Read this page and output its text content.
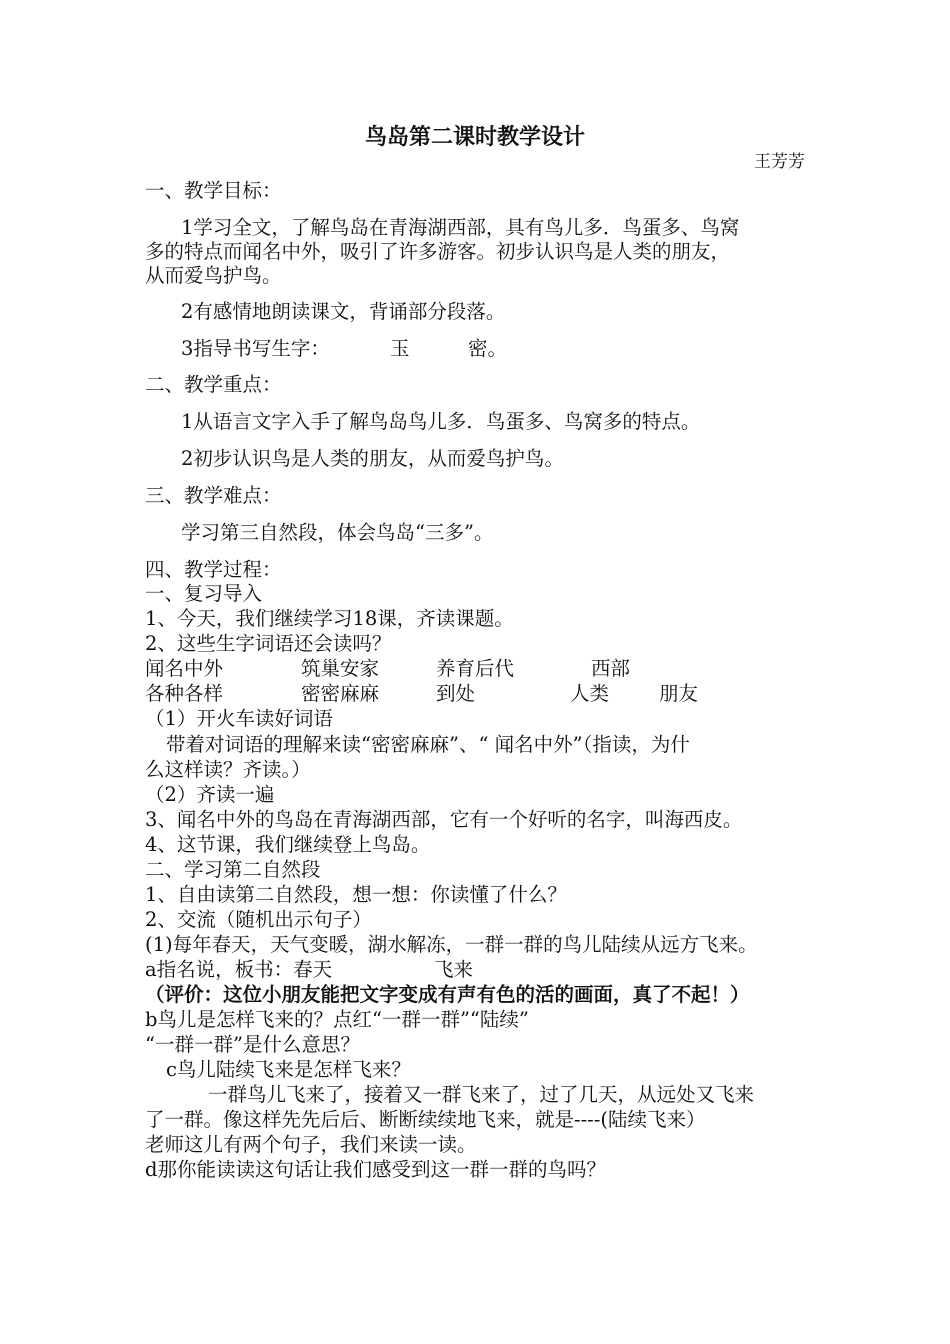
鸟岛第二课时教学设计

王芳芳

一、教学目标：

1学习全文，了解鸟岛在青海湖西部，具有鸟儿多．鸟蛋多、鸟窝

多的特点而闻名中外，吸引了许多游客。初步认识鸟是人类的朋友，

从而爱鸟护鸟。

2有感情地朗读课文，背诵部分段落。

3指导书写生字：	玉	密。

二、教学重点：

1从语言文字入手了解鸟岛鸟儿多．鸟蛋多、鸟窝多的特点。

2初步认识鸟是人类的朋友，从而爱鸟护鸟。

三、教学难点：

学习第三自然段，体会鸟岛“三多”。

四、教学过程：

一、复习导入

1、今天，我们继续学习18课，齐读课题。

2、这些生字词语还会读吗？

闻名中外	筑巢安家	养育后代	西部
各种各样	密密麻麻	到处	人类	朋友

（1）开火车读好词语

带着对词语的理解来读“密密麻麻”、“ 闻名中外”（指读，为什

么这样读？齐读。）

（2）齐读一遍

3、闻名中外的鸟岛在青海湖西部，它有一个好听的名字，叫海西皮。

4、这节课，我们继续登上鸟岛。

二、学习第二自然段

1、自由读第二自然段，想一想：你读懂了什么？

2、交流（随机出示句子）

(1)每年春天，天气变暖，湖水解冻，一群一群的鸟儿陆续从远方飞来。

a指名说，板书：春天	飞来

（评价：这位小朋友能把文字变成有声有色的活的画面，真了不起！）

b鸟儿是怎样飞来的？点红“一群一群”“陆续”

“一群一群”是什么意思？

c鸟儿陆续飞来是怎样飞来？

一群鸟儿飞来了，接着又一群飞来了，过了几天，从远处又飞来

了一群。像这样先先后后、断断续续地飞来，就是----(陆续飞来）

老师这儿有两个句子，我们来读一读。

d那你能读读这句话让我们感受到这一群一群的鸟吗？
